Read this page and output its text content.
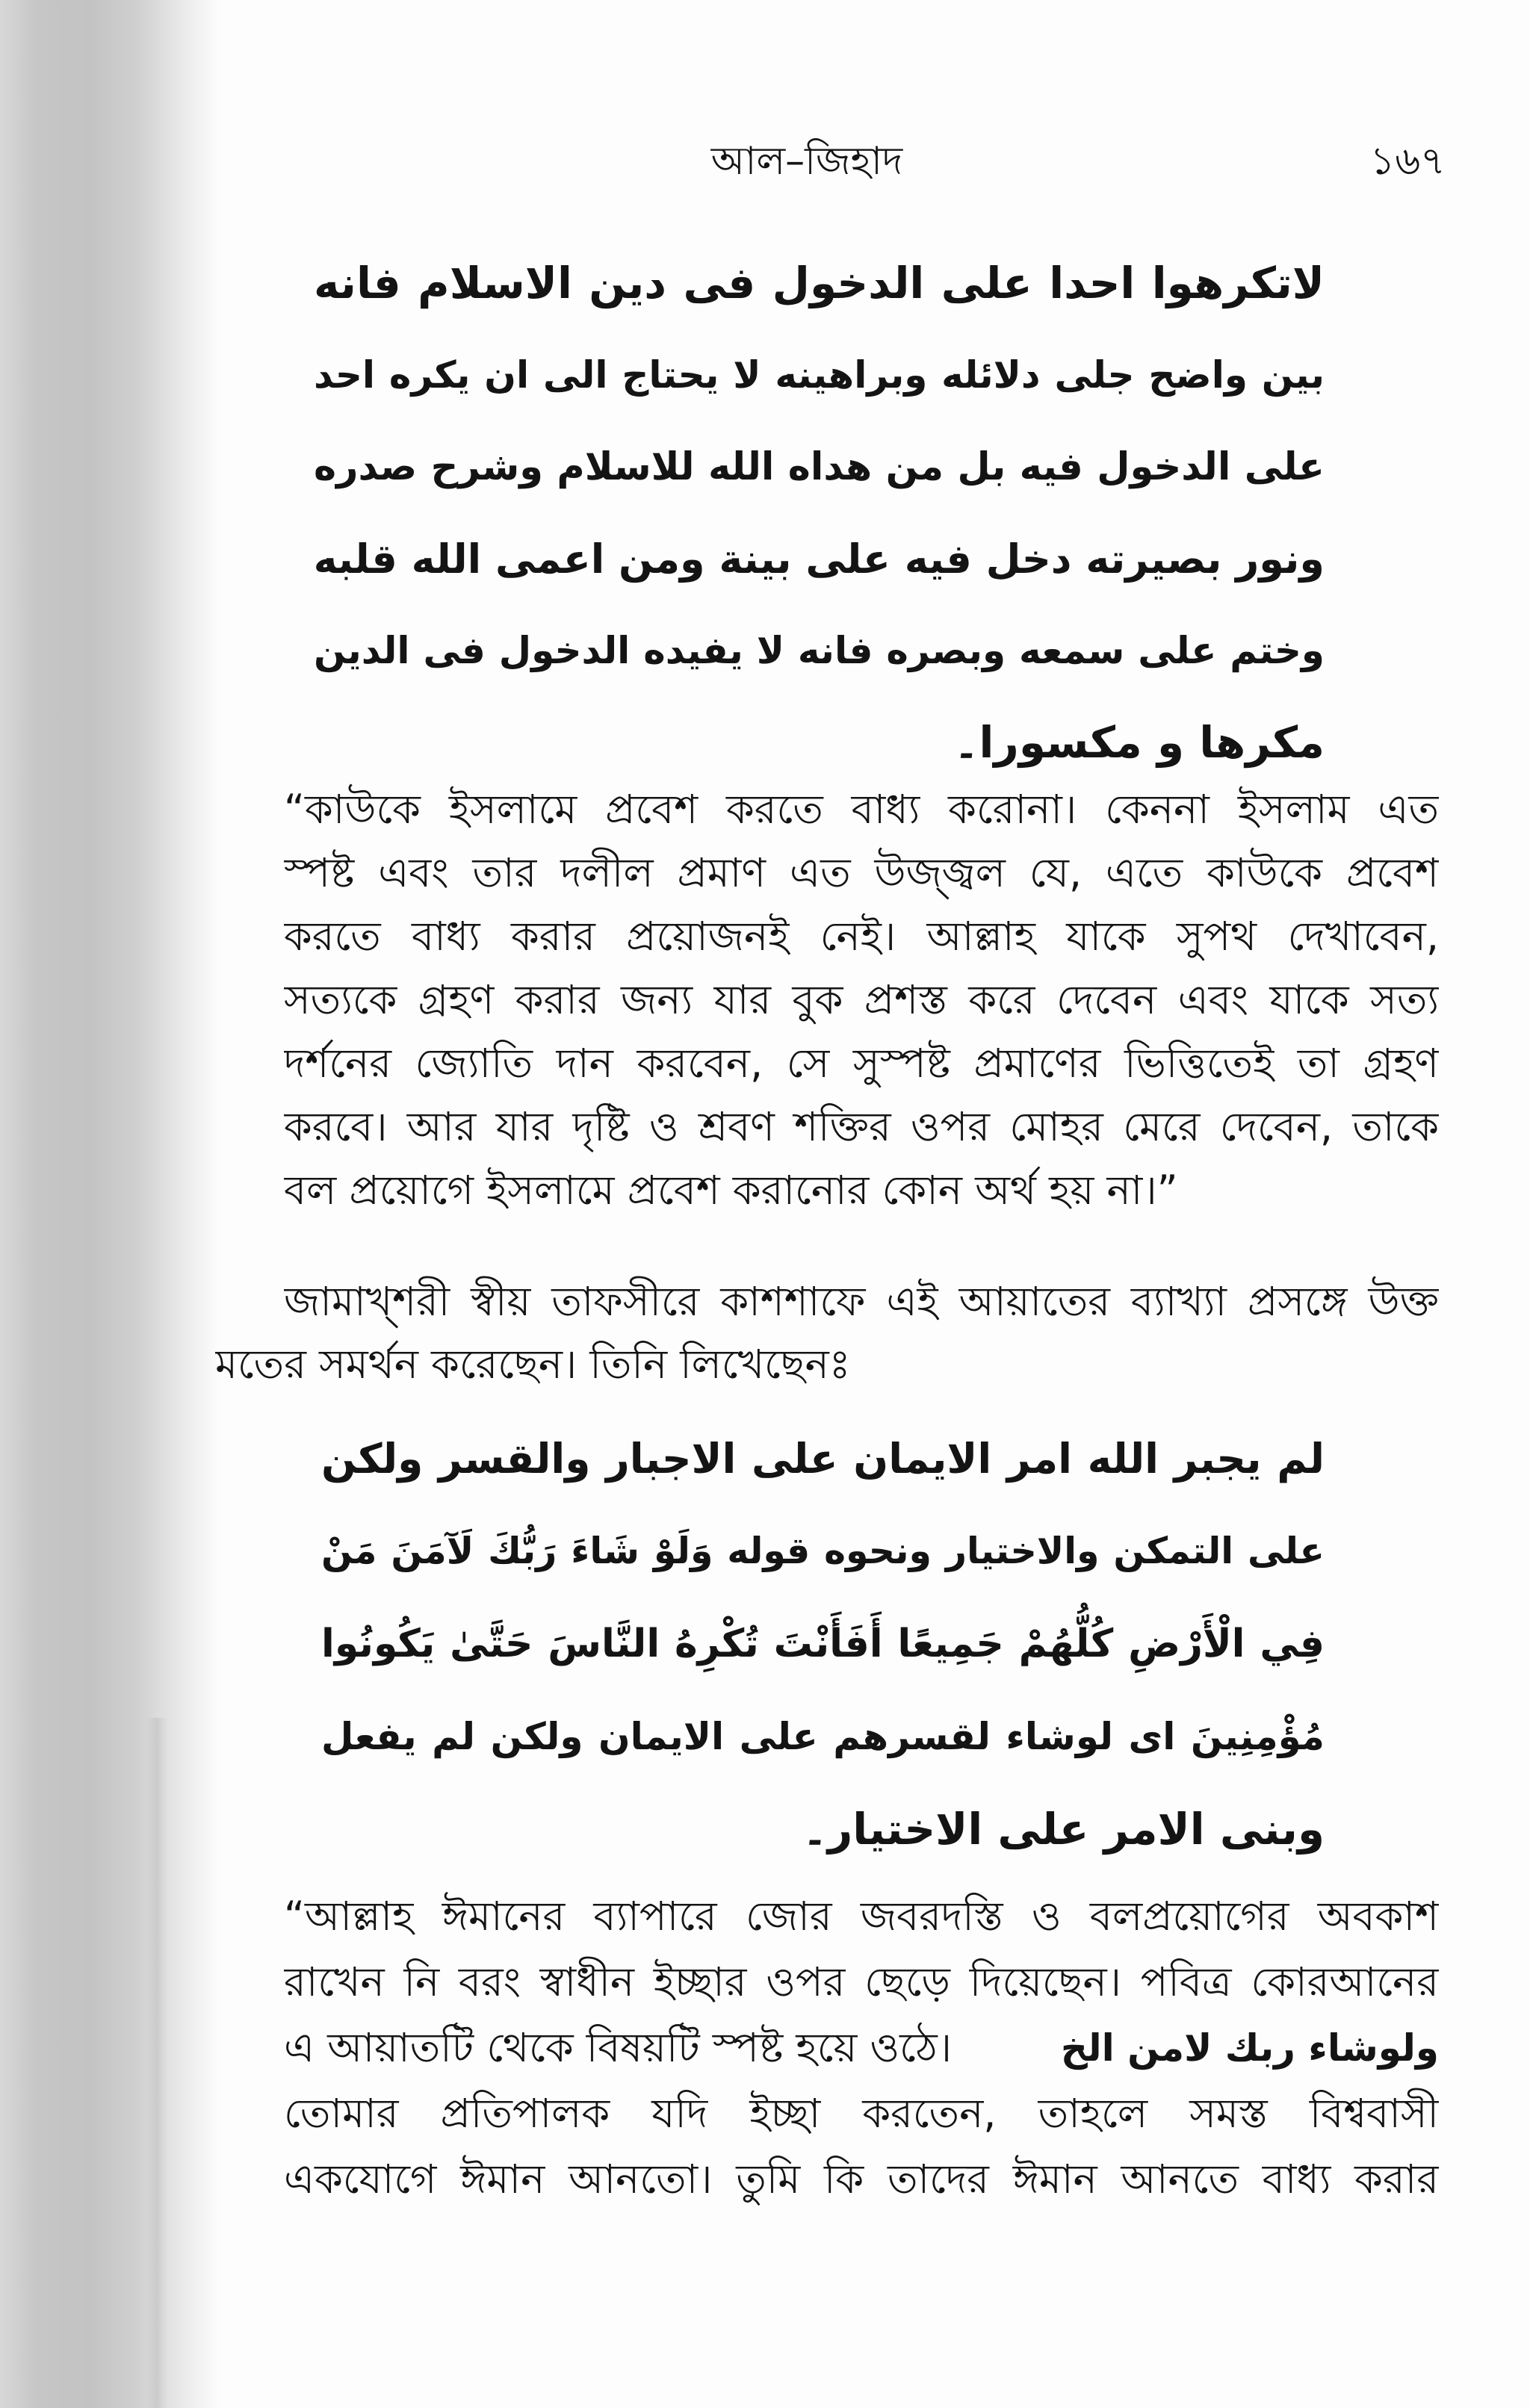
আল–জিহাদ	১৬৭
لاتكرهوا احدا على الدخول فى دين الاسلام فانه
بين واضح جلى دلائله وبراهينه لا يحتاج الى ان يكره احد
على الدخول فيه بل من هداه الله للاسلام وشرح صدره
ونور بصيرته دخل فيه على بينة ومن اعمى الله قلبه
وختم على سمعه وبصره فانه لا يفيده الدخول فى الدين
مكرها و مكسورا۔
“কাউকে ইসলামে প্রবেশ করতে বাধ্য করোনা। কেননা ইসলাম এত
স্পষ্ট এবং তার দলীল প্রমাণ এত উজ্জ্বল যে, এতে কাউকে প্রবেশ
করতে বাধ্য করার প্রয়োজনই নেই। আল্লাহ যাকে সুপথ দেখাবেন,
সত্যকে গ্রহণ করার জন্য যার বুক প্রশস্ত করে দেবেন এবং যাকে সত্য
দর্শনের জ্যোতি দান করবেন, সে সুস্পষ্ট প্রমাণের ভিত্তিতেই তা গ্রহণ
করবে। আর যার দৃষ্টি ও শ্রবণ শক্তির ওপর মোহর মেরে দেবেন, তাকে
বল প্রয়োগে ইসলামে প্রবেশ করানোর কোন অর্থ হয় না।”
জামাখ্‌শরী স্বীয় তাফসীরে কাশশাফে এই আয়াতের ব্যাখ্যা প্রসঙ্গে উক্ত
মতের সমর্থন করেছেন। তিনি লিখেছেনঃ
لم يجبر الله امر الايمان على الاجبار والقسر ولكن
على التمكن والاختيار ونحوه قوله وَلَوْ شَاءَ رَبُّكَ لَآمَنَ مَنْ
فِي الْأَرْضِ كُلُّهُمْ جَمِيعًا أَفَأَنْتَ تُكْرِهُ النَّاسَ حَتَّىٰ يَكُونُوا
مُؤْمِنِينَ اى لوشاء لقسرهم على الايمان ولكن لم يفعل
وبنى الامر على الاختيار۔
“আল্লাহ ঈমানের ব্যাপারে জোর জবরদস্তি ও বলপ্রয়োগের অবকাশ
রাখেন নি বরং স্বাধীন ইচ্ছার ওপর ছেড়ে দিয়েছেন। পবিত্র কোরআনের
এ আয়াতটি থেকে বিষয়টি স্পষ্ট হয়ে ওঠে।	ولوشاء ربك لامن الخ
তোমার প্রতিপালক যদি ইচ্ছা করতেন, তাহলে সমস্ত বিশ্ববাসী
একযোগে ঈমান আনতো। তুমি কি তাদের ঈমান আনতে বাধ্য করার
